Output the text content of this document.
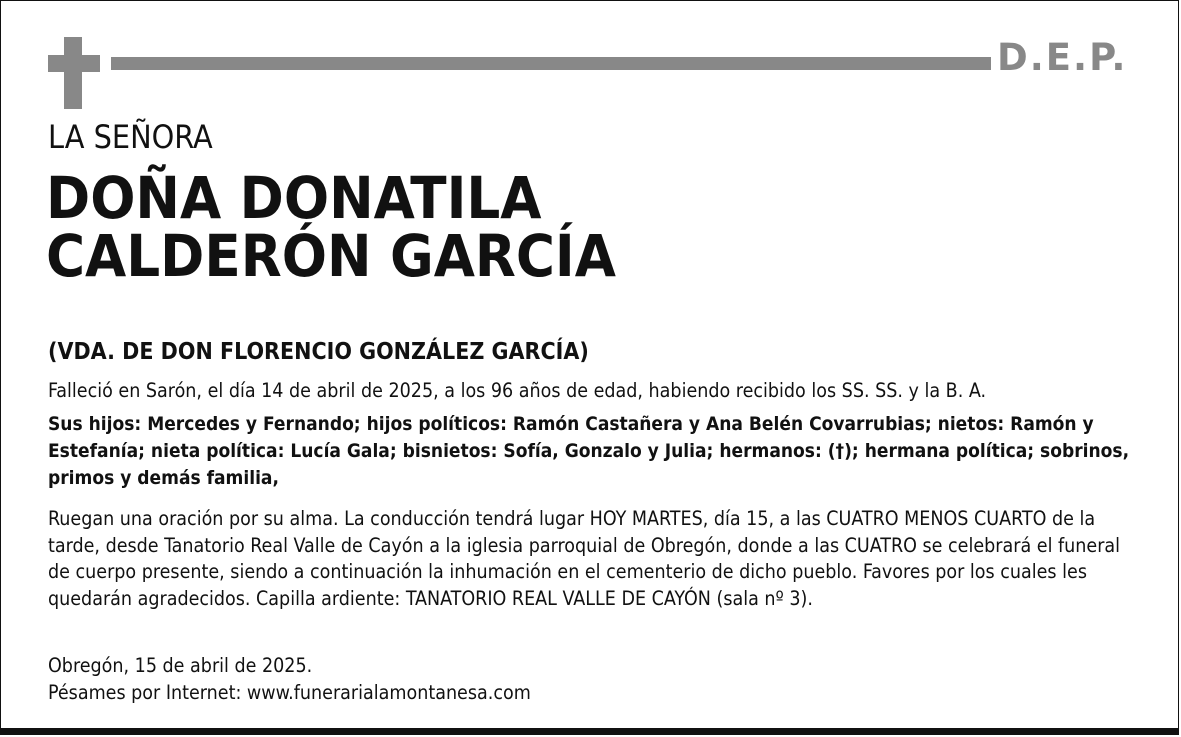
D.E.P.
LA SEÑORA
DOÑA DONATILA
CALDERÓN GARCÍA
(VDA. DE DON FLORENCIO GONZÁLEZ GARCÍA)
Falleció en Sarón, el día 14 de abril de 2025, a los 96 años de edad, habiendo recibido los SS. SS. y la B. A.
Sus hijos: Mercedes y Fernando; hijos políticos: Ramón Castañera y Ana Belén Covarrubias; nietos: Ramón y Estefanía; nieta política: Lucía Gala; bisnietos: Sofía, Gonzalo y Julia; hermanos: (†); hermana política; sobrinos, primos y demás familia,
Ruegan una oración por su alma. La conducción tendrá lugar HOY MARTES, día 15, a las CUATRO MENOS CUARTO de la tarde, desde Tanatorio Real Valle de Cayón a la iglesia parroquial de Obregón, donde a las CUATRO se celebrará el funeral de cuerpo presente, siendo a continuación la inhumación en el cementerio de dicho pueblo. Favores por los cuales les quedarán agradecidos. Capilla ardiente: TANATORIO REAL VALLE DE CAYÓN (sala nº 3).
Obregón, 15 de abril de 2025.
Pésames por Internet: www.funerarialamontanesa.com
